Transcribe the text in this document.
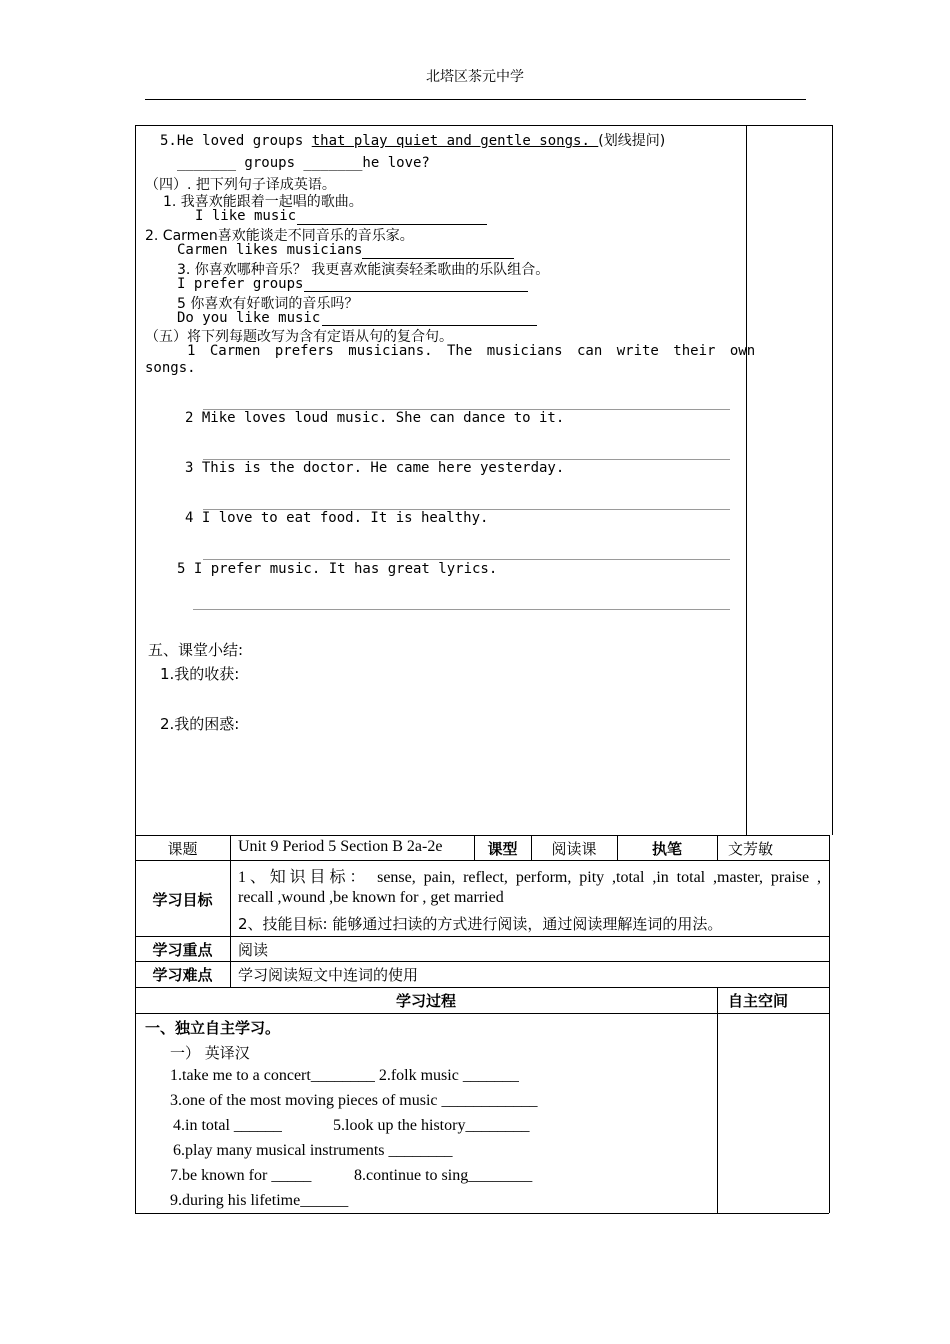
北塔区茶元中学
5.He loved groups that play quiet and gentle songs. (划线提问)
_______ groups _______he love?
（四）. 把下列句子译成英语。
1. 我喜欢能跟着一起唱的歌曲。
I like music
2. Carmen喜欢能谈走不同音乐的音乐家。
Carmen likes musicians
3. 你喜欢哪种音乐？ 我更喜欢能演奏轻柔歌曲的乐队组合。
I prefer groups
5 你喜欢有好歌词的音乐吗？
Do you like music
（五）将下列每题改写为含有定语从句的复合句。
1 Carmen prefers musicians. The musicians can write their own
songs.
2 Mike loves loud music. She can dance to it.
3 This is the doctor. He came here yesterday.
4 I love to eat food. It is healthy.
5 I prefer music. It has great lyrics.
五、课堂小结:
1.我的收获:
2.我的困惑:
课题	Unit 9 Period 5 Section B 2a-2e	课型	阅读课	执笔	文芳敏
学习目标
1、知识目标： sense, pain, reflect, perform, pity ,total ,in total ,master, praise ,
recall ,wound ,be known for , get married
2、技能目标: 能够通过扫读的方式进行阅读，通过阅读理解连词的用法。
学习重点	阅读
学习难点	学习阅读短文中连词的使用
学习过程	自主空间
一、独立自主学习。
一） 英译汉
1.take me to a concert________ 2.folk music _______
3.one of the most moving pieces of music ____________
4.in total ______	5.look up the history________
6.play many musical instruments ________
7.be known for _____	8.continue to sing________
9.during his lifetime______
